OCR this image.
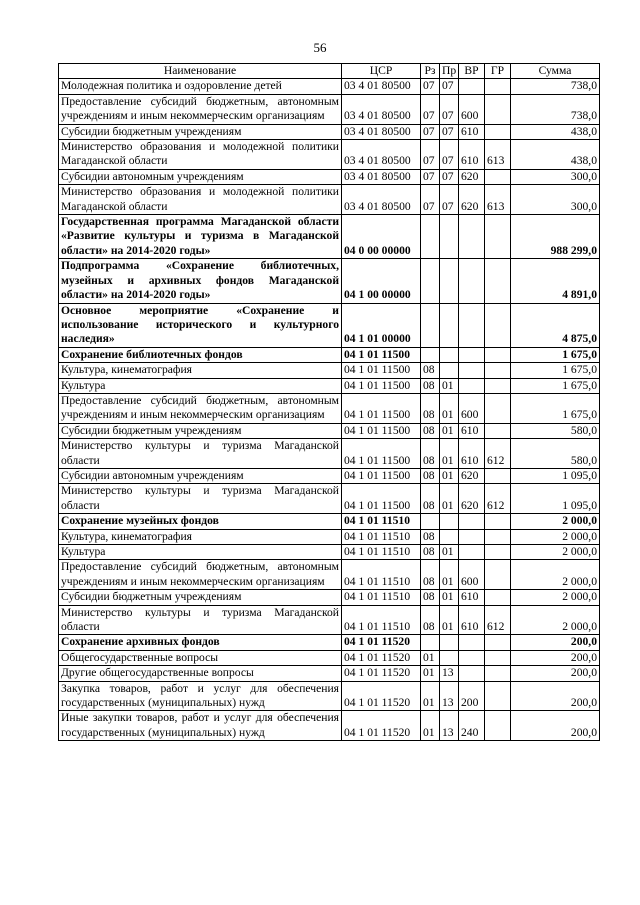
56
Наименование	ЦСР	Рз	Пр	ВР	ГР	Сумма
Молодежная политика и оздоровление детей	03 4 01 80500	07	07			738,0
Предоставление субсидий бюджетным, автономным учреждениям и иным некоммерческим организациям	03 4 01 80500	07	07	600		738,0
Субсидии бюджетным учреждениям	03 4 01 80500	07	07	610		438,0
Министерство образования и молодежной политики Магаданской области	03 4 01 80500	07	07	610	613	438,0
Субсидии автономным учреждениям	03 4 01 80500	07	07	620		300,0
Министерство образования и молодежной политики Магаданской области	03 4 01 80500	07	07	620	613	300,0
Государственная программа Магаданской области «Развитие культуры и туризма в Магаданской области» на 2014-2020 годы»	04 0 00 00000					988 299,0
Подпрограмма «Сохранение библиотечных, музейных и архивных фондов Магаданской области» на 2014-2020 годы»	04 1 00 00000					4 891,0
Основное мероприятие «Сохранение и использование исторического и культурного наследия»	04 1 01 00000					4 875,0
Сохранение библиотечных фондов	04 1 01 11500					1 675,0
Культура, кинематография	04 1 01 11500	08				1 675,0
Культура	04 1 01 11500	08	01			1 675,0
Предоставление субсидий бюджетным, автономным учреждениям и иным некоммерческим организациям	04 1 01 11500	08	01	600		1 675,0
Субсидии бюджетным учреждениям	04 1 01 11500	08	01	610		580,0
Министерство культуры и туризма Магаданской области	04 1 01 11500	08	01	610	612	580,0
Субсидии автономным учреждениям	04 1 01 11500	08	01	620		1 095,0
Министерство культуры и туризма Магаданской области	04 1 01 11500	08	01	620	612	1 095,0
Сохранение музейных фондов	04 1 01 11510					2 000,0
Культура, кинематография	04 1 01 11510	08				2 000,0
Культура	04 1 01 11510	08	01			2 000,0
Предоставление субсидий бюджетным, автономным учреждениям и иным некоммерческим организациям	04 1 01 11510	08	01	600		2 000,0
Субсидии бюджетным учреждениям	04 1 01 11510	08	01	610		2 000,0
Министерство культуры и туризма Магаданской области	04 1 01 11510	08	01	610	612	2 000,0
Сохранение архивных фондов	04 1 01 11520					200,0
Общегосударственные вопросы	04 1 01 11520	01				200,0
Другие общегосударственные вопросы	04 1 01 11520	01	13			200,0
Закупка товаров, работ и услуг для обеспечения государственных (муниципальных) нужд	04 1 01 11520	01	13	200		200,0
Иные закупки товаров, работ и услуг для обеспечения государственных (муниципальных) нужд	04 1 01 11520	01	13	240		200,0
